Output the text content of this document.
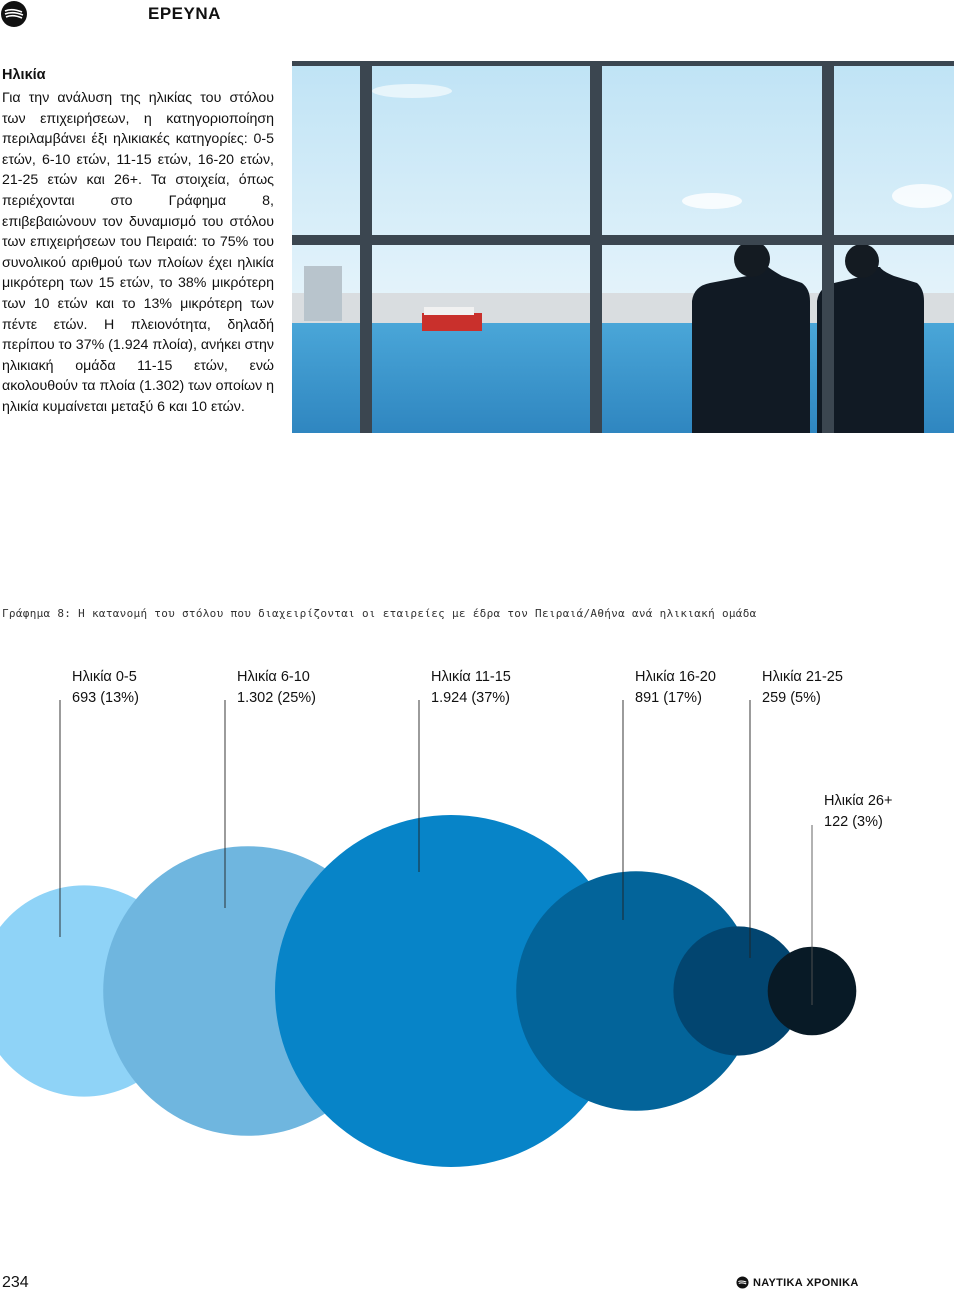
ΕΡΕΥΝΑ
Ηλικία
Για την ανάλυση της ηλικίας του στόλου των επιχειρήσεων, η κατηγοριοποίηση περιλαμβάνει έξι ηλικιακές κατηγορίες: 0-5 ετών, 6-10 ετών, 11-15 ετών, 16-20 ετών, 21-25 ετών και 26+. Τα στοιχεία, όπως περιέχονται στο Γράφημα 8, επιβεβαιώνουν τον δυναμισμό του στόλου των επιχειρήσεων του Πειραιά: το 75% του συνολικού αριθμού των πλοίων έχει ηλικία μικρότερη των 15 ετών, το 38% μικρότερη των 10 ετών και το 13% μικρότερη των πέντε ετών. Η πλειονότητα, δηλαδή περίπου το 37% (1.924 πλοία), ανήκει στην ηλικιακή ομάδα 11-15 ετών, ενώ ακολουθούν τα πλοία (1.302) των οποίων η ηλικία κυμαίνεται μεταξύ 6 και 10 ετών.
Γράφημα 8: Η κατανομή του στόλου που διαχειρίζονται οι εταιρείες με έδρα τον Πειραιά/Αθήνα ανά ηλικιακή ομάδα
Ηλικία 0-5
693 (13%)
Ηλικία 6-10
1.302 (25%)
Ηλικία 11-15
1.924 (37%)
Ηλικία 16-20
891 (17%)
Ηλικία 21-25
259 (5%)
Ηλικία 26+
122 (3%)
234	ΝΑΥΤΙΚΑ ΧΡΟΝΙΚΑ
